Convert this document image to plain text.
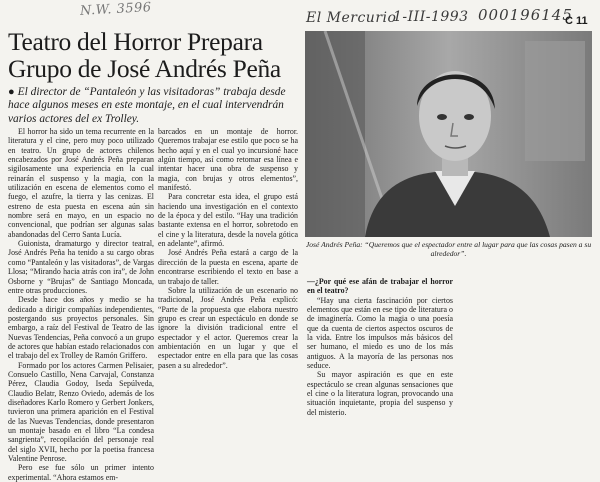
N.W. 3596	El Mercurio
1-III-1993 000196145
C 11
Teatro del Horror Prepara Grupo de José Andrés Peña

● El director de “Pantaleón y las visitadoras” trabaja desde hace algunos meses en este montaje, en el cual intervendrán varios actores del ex Trolley.

El horror ha sido un tema recurrente en la literatura y el cine, pero muy poco utilizado en teatro. Un grupo de actores chilenos encabezados por José Andrés Peña preparan sigilosamente una experiencia en la cual reinarán el suspenso y la magia, con la utilización en escena de elementos como el fuego, el azufre, la tierra y las cenizas. El estreno de esta puesta en escena aún sin nombre será en mayo, en un espacio no convencional, que podrían ser algunas salas abandonadas del Cerro Santa Lucía.

Guionista, dramaturgo y director teatral, José Andrés Peña ha tenido a su cargo obras como “Pantaleón y las visitadoras”, de Vargas Llosa; “Mirando hacia atrás con ira”, de John Osborne y “Brujas” de Santiago Moncada, entre otras producciones.

Desde hace dos años y medio se ha dedicado a dirigir compañías independientes, postergando sus proyectos personales. Sin embargo, a raíz del Festival de Teatro de las Nuevas Tendencias, Peña convocó a un grupo de actores que habían estado relacionados con el trabajo del ex Trolley de Ramón Griffero.

Formado por los actores Carmen Pelisaier, Consuelo Castillo, Nena Carvajal, Constanza Pérez, Claudia Godoy, Iseda Sepúlveda, Claudio Belatr, Renzo Oviedo, además de los diseñadores Karlo Romero y Gerbert Jonkers, tuvieron una primera aparición en el Festival de las Nuevas Tendencias, donde presentaron un montaje basado en el libro “La condesa sangrienta”, recopilación del personaje real del siglo XVII, hecho por la poetisa francesa Valentine Penrose.

Pero ese fue sólo un primer intento experimental. “Ahora estamos em-

barcados en un montaje de horror. Queremos trabajar ese estilo que poco se ha hecho aquí y en el cual yo incursioné hace algún tiempo, así como retomar esa línea e intentar hacer una obra de suspenso y magia, con brujas y otros elementos”, manifestó.

Para concretar esta idea, el grupo está haciendo una investigación en el contexto de la época y del estilo. “Hay una tradición bastante extensa en el horror, sobretodo en el cine y la literatura, desde la novela gótica en adelante”, afirmó.

José Andrés Peña estará a cargo de la dirección de la puesta en escena, aparte de encontrarse escribiendo el texto en base a un trabajo de taller.

Sobre la utilización de un escenario no tradicional, José Andrés Peña explicó: “Parte de la propuesta que elabora nuestro grupo es crear un espectáculo en donde se ignore la división tradicional entre el espectador y el actor. Queremos crear la ambientación en un lugar y que el espectador entre en ella para que las cosas pasen a su alrededor”.

José Andrés Peña: “Queremos que el espectador entre al lugar para que las cosas pasen a su alrededor”.

—¿Por qué ese afán de trabajar el horror en el teatro?

“Hay una cierta fascinación por ciertos elementos que están en ese tipo de literatura o de imaginería. Como la magia o una poesía que da cuenta de ciertos aspectos oscuros de la vida. Entre los impulsos más básicos del ser humano, el miedo es uno de los más antiguos. A la mayoría de las personas nos seduce.

Su mayor aspiración es que en este espectáculo se crean algunas sensaciones que el cine o la literatura logran, provocando una situación inquietante, propia del suspenso y del misterio.
